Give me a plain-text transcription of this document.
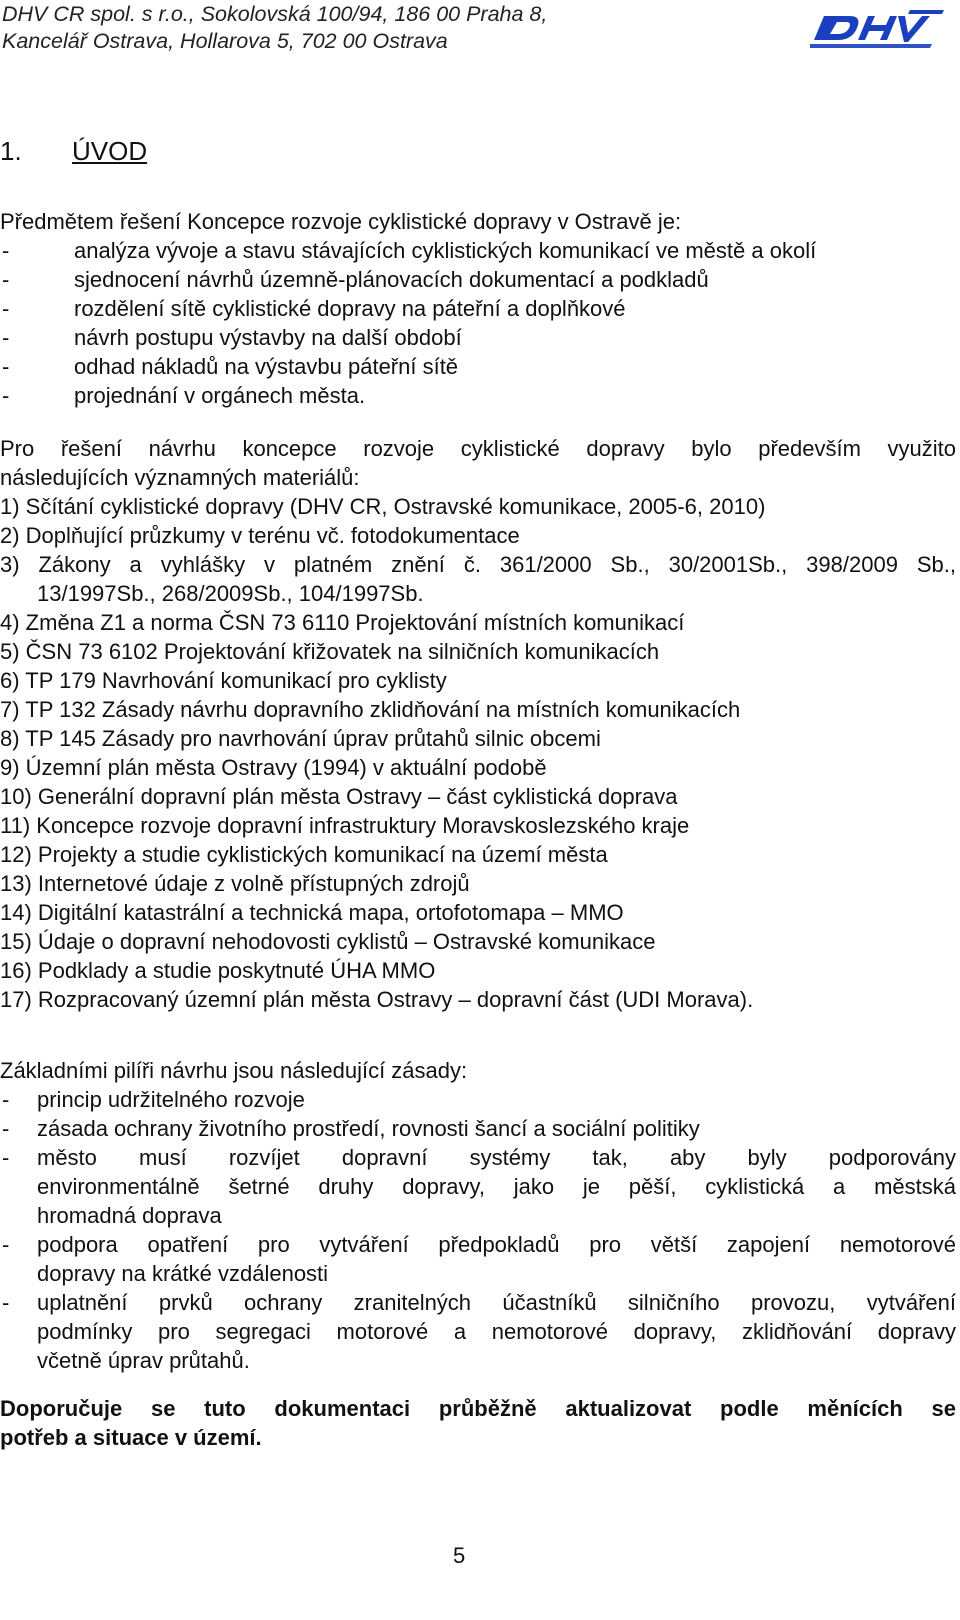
DHV CR spol. s r.o., Sokolovská 100/94, 186 00 Praha 8,
Kancelář Ostrava, Hollarova 5, 702 00 Ostrava
1. ÚVOD
Předmětem řešení Koncepce rozvoje cyklistické dopravy v Ostravě je:
-	analýza vývoje a stavu stávajících cyklistických komunikací ve městě a okolí
-	sjednocení návrhů územně-plánovacích dokumentací a podkladů
-	rozdělení sítě cyklistické dopravy na páteřní a doplňkové
-	návrh postupu výstavby na další období
-	odhad nákladů na výstavbu páteřní sítě
-	projednání v orgánech města.
Pro řešení návrhu koncepce rozvoje cyklistické dopravy bylo především využito
následujících významných materiálů:
1) Sčítání cyklistické dopravy (DHV CR, Ostravské komunikace, 2005-6, 2010)
2) Doplňující průzkumy v terénu vč. fotodokumentace
3) Zákony a vyhlášky v platném znění č. 361/2000 Sb., 30/2001Sb., 398/2009 Sb.,
13/1997Sb., 268/2009Sb., 104/1997Sb.
4) Změna Z1 a norma ČSN 73 6110 Projektování místních komunikací
5) ČSN 73 6102 Projektování křižovatek na silničních komunikacích
6) TP 179 Navrhování komunikací pro cyklisty
7) TP 132 Zásady návrhu dopravního zklidňování na místních komunikacích
8) TP 145 Zásady pro navrhování úprav průtahů silnic obcemi
9) Územní plán města Ostravy (1994) v aktuální podobě
10) Generální dopravní plán města Ostravy – část cyklistická doprava
11) Koncepce rozvoje dopravní infrastruktury Moravskoslezského kraje
12) Projekty a studie cyklistických komunikací na území města
13) Internetové údaje z volně přístupných zdrojů
14) Digitální katastrální a technická mapa, ortofotomapa – MMO
15) Údaje o dopravní nehodovosti cyklistů – Ostravské komunikace
16) Podklady a studie poskytnuté ÚHA MMO
17) Rozpracovaný územní plán města Ostravy – dopravní část (UDI Morava).
Základními pilíři návrhu jsou následující zásady:
- princip udržitelného rozvoje
- zásada ochrany životního prostředí, rovnosti šancí a sociální politiky
- město musí rozvíjet dopravní systémy tak, aby byly podporovány
environmentálně šetrné druhy dopravy, jako je pěší, cyklistická a městská
hromadná doprava
- podpora opatření pro vytváření předpokladů pro větší zapojení nemotorové
dopravy na krátké vzdálenosti
- uplatnění prvků ochrany zranitelných účastníků silničního provozu, vytváření
podmínky pro segregaci motorové a nemotorové dopravy, zklidňování dopravy
včetně úprav průtahů.
Doporučuje se tuto dokumentaci průběžně aktualizovat podle měnících se
potřeb a situace v území.
5
